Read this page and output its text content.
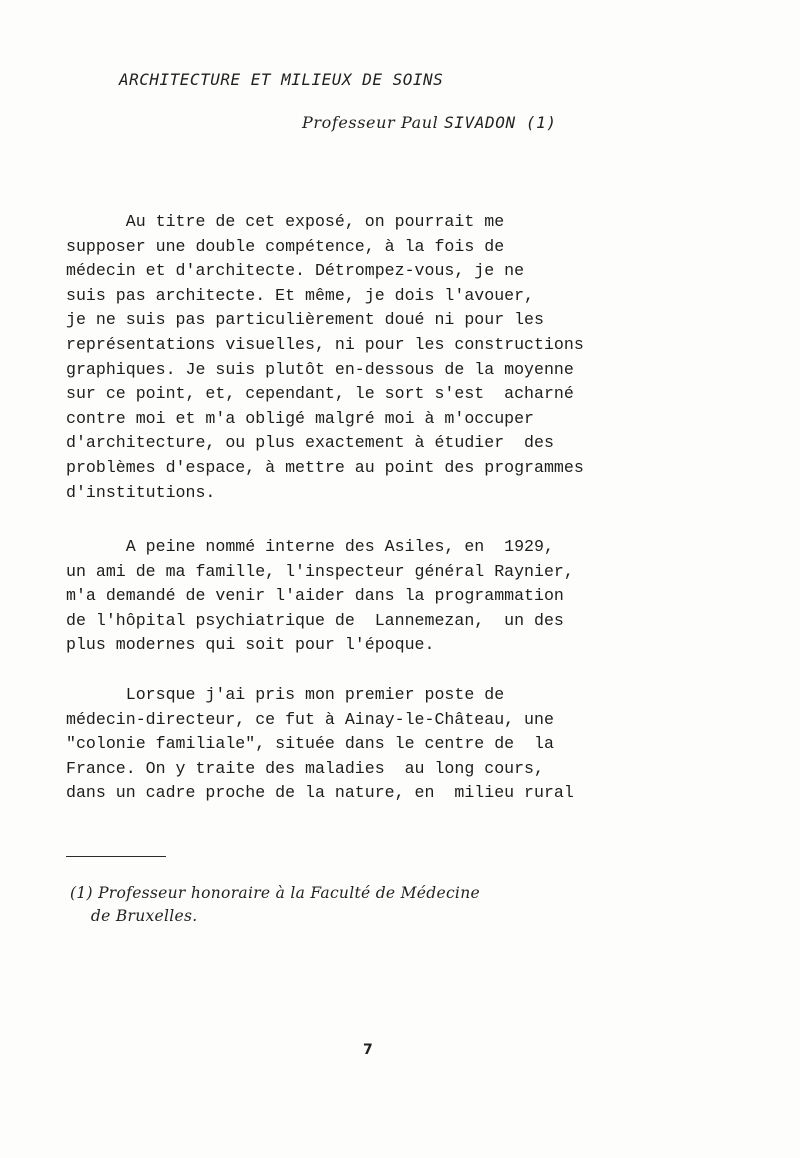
ARCHITECTURE ET MILIEUX DE SOINS
Professeur Paul SIVADON (1)
Au titre de cet exposé, on pourrait me
supposer une double compétence, à la fois de
médecin et d'architecte. Détrompez-vous, je ne
suis pas architecte. Et même, je dois l'avouer,
je ne suis pas particulièrement doué ni pour les
représentations visuelles, ni pour les constructions
graphiques. Je suis plutôt en-dessous de la moyenne
sur ce point, et, cependant, le sort s'est  acharné
contre moi et m'a obligé malgré moi à m'occuper
d'architecture, ou plus exactement à étudier  des
problèmes d'espace, à mettre au point des programmes
d'institutions.
A peine nommé interne des Asiles, en  1929,
un ami de ma famille, l'inspecteur général Raynier,
m'a demandé de venir l'aider dans la programmation
de l'hôpital psychiatrique de  Lannemezan,  un des
plus modernes qui soit pour l'époque.
Lorsque j'ai pris mon premier poste de
médecin-directeur, ce fut à Ainay-le-Château, une
"colonie familiale", située dans le centre de  la
France. On y traite des maladies  au long cours,
dans un cadre proche de la nature, en  milieu rural
(1) Professeur honoraire à la Faculté de Médecine
de Bruxelles.
7
